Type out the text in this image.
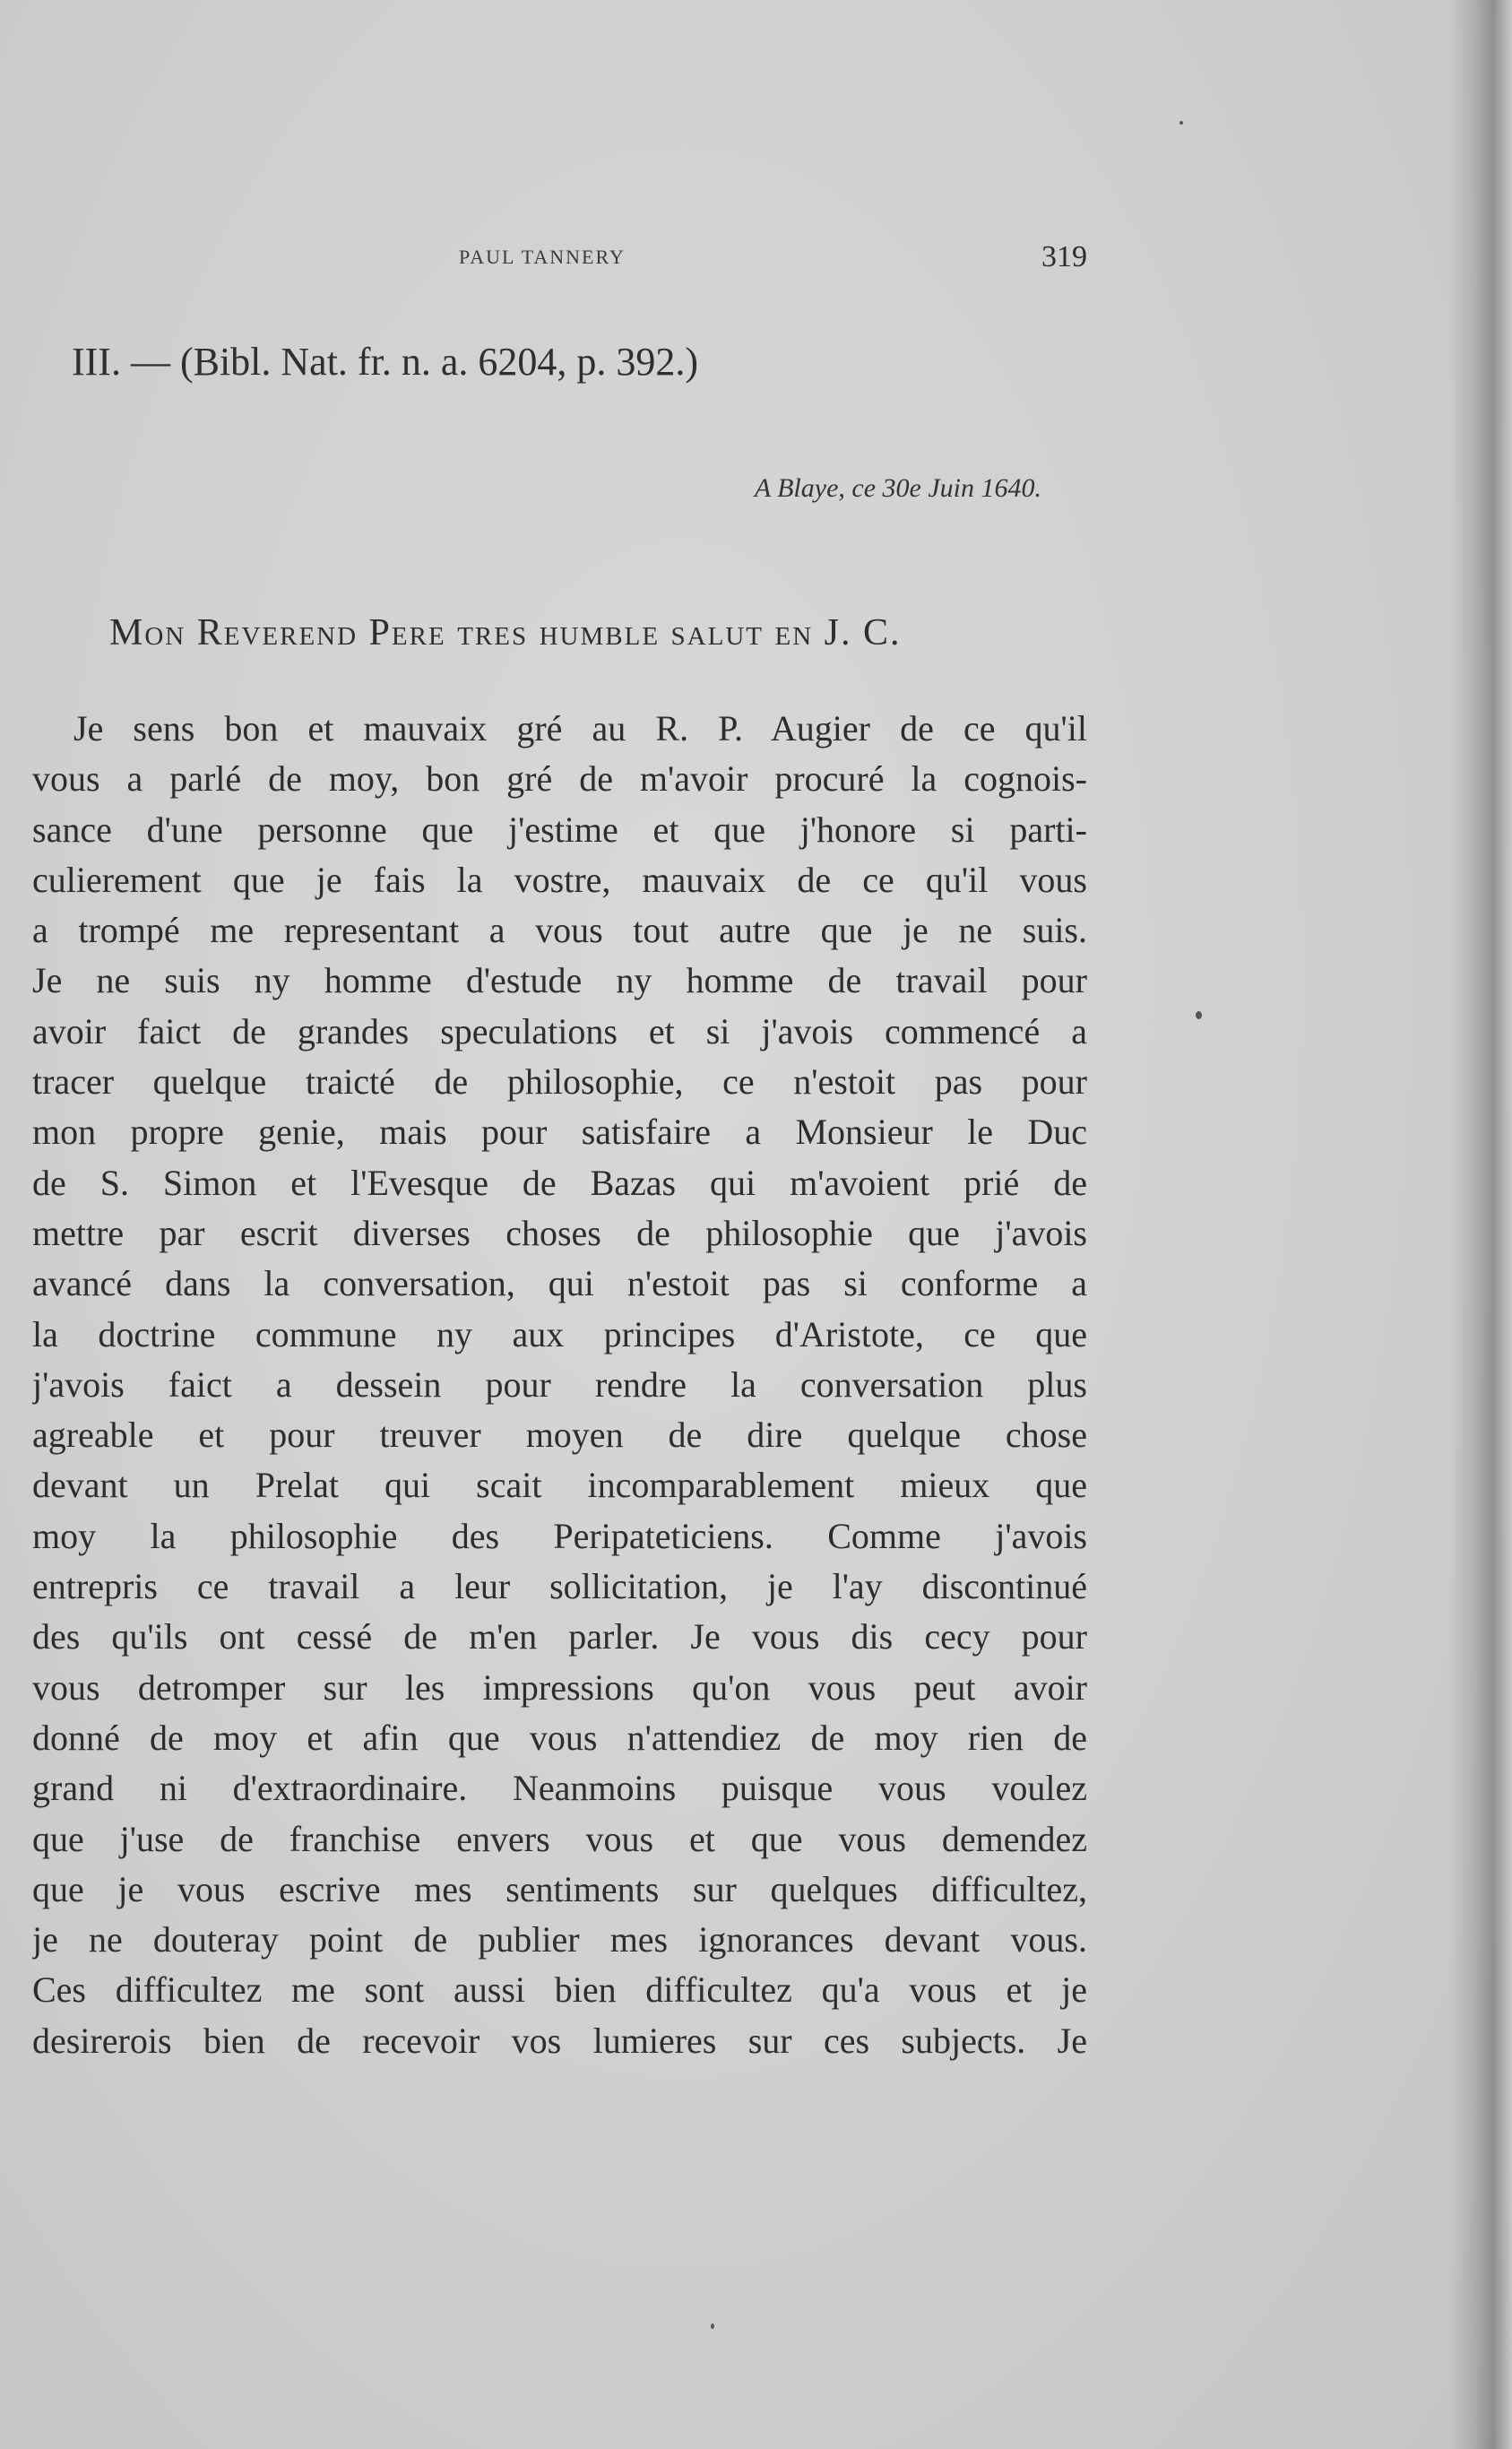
PAUL TANNERY	319
III. — (Bibl. Nat. fr. n. a. 6204, p. 392.)
A Blaye, ce 30e Juin 1640.
Mon Reverend Pere tres humble salut en J. C.
Je sens bon et mauvaix gré au R. P. Augier de ce qu'il
vous a parlé de moy, bon gré de m'avoir procuré la cognois-
sance d'une personne que j'estime et que j'honore si parti-
culierement que je fais la vostre, mauvaix de ce qu'il vous
a trompé me representant a vous tout autre que je ne suis.
Je ne suis ny homme d'estude ny homme de travail pour
avoir faict de grandes speculations et si j'avois commencé a
tracer quelque traicté de philosophie, ce n'estoit pas pour
mon propre genie, mais pour satisfaire a Monsieur le Duc
de S. Simon et l'Evesque de Bazas qui m'avoient prié de
mettre par escrit diverses choses de philosophie que j'avois
avancé dans la conversation, qui n'estoit pas si conforme a
la doctrine commune ny aux principes d'Aristote, ce que
j'avois faict a dessein pour rendre la conversation plus
agreable et pour treuver moyen de dire quelque chose
devant un Prelat qui scait incomparablement mieux que
moy la philosophie des Peripateticiens. Comme j'avois
entrepris ce travail a leur sollicitation, je l'ay discontinué
des qu'ils ont cessé de m'en parler. Je vous dis cecy pour
vous detromper sur les impressions qu'on vous peut avoir
donné de moy et afin que vous n'attendiez de moy rien de
grand ni d'extraordinaire. Neanmoins puisque vous voulez
que j'use de franchise envers vous et que vous demendez
que je vous escrive mes sentiments sur quelques difficultez,
je ne douteray point de publier mes ignorances devant vous.
Ces difficultez me sont aussi bien difficultez qu'a vous et je
desirerois bien de recevoir vos lumieres sur ces subjects. Je
